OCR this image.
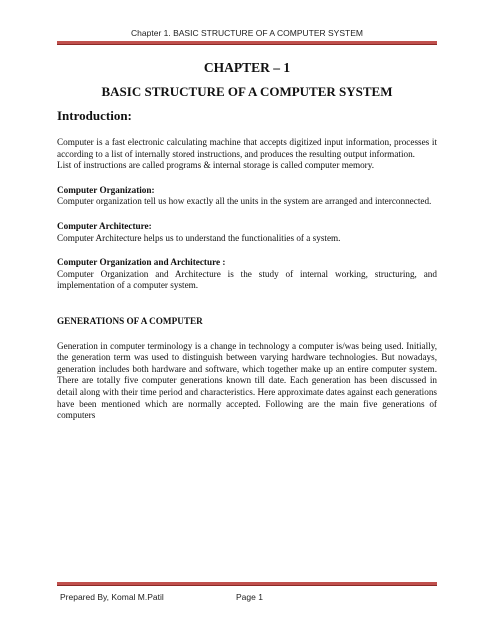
Chapter 1. BASIC STRUCTURE OF A COMPUTER SYSTEM
CHAPTER – 1
BASIC STRUCTURE OF A COMPUTER SYSTEM
Introduction:

Computer is a fast electronic calculating machine that accepts digitized input information, processes it according to a list of internally stored instructions, and produces the resulting output information.

List of instructions are called programs & internal storage is called computer memory.

Computer Organization:

Computer organization tell us how exactly all the units in the system are arranged and interconnected.

Computer Architecture:

Computer Architecture helps us to understand the functionalities of a system.

Computer Organization and Architecture :

Computer Organization and Architecture is the study of internal working, structuring, and implementation of a computer system.

GENERATIONS OF A COMPUTER

Generation in computer terminology is a change in technology a computer is/was being used. Initially, the generation term was used to distinguish between varying hardware technologies. But nowadays, generation includes both hardware and software, which together make up an entire computer system. There are totally five computer generations known till date. Each generation has been discussed in detail along with their time period and characteristics. Here approximate dates against each generations have been mentioned which are normally accepted. Following are the main five generations of computers

Prepared By, Komal M.Patil	Page 1
